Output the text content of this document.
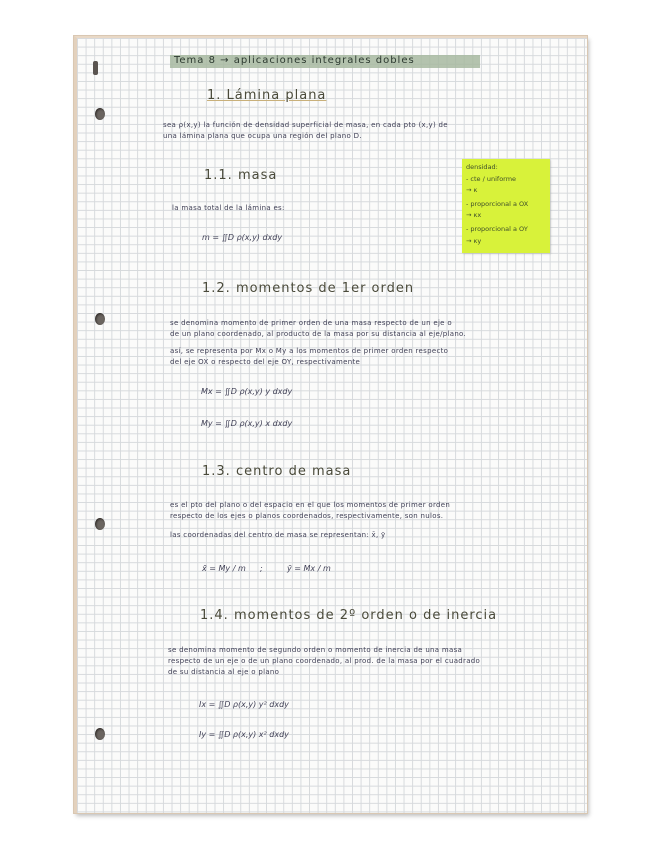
Tema 8 → aplicaciones integrales dobles
1. Lámina plana
sea ρ(x,y) la función de densidad superficial de masa, en cada pto (x,y) de
una lámina plana que ocupa una región del plano D.
1.1. masa
la masa total de la lámina es:
m = ∬D ρ(x,y) dxdy
densidad:
- cte / uniforme
→ κ
- proporcional a OX
→ κx
- proporcional a OY
→ κy
1.2. momentos de 1er orden
se denomina momento de primer orden de una masa respecto de un eje o
de un plano coordenado, al producto de la masa por su distancia al eje/plano.
así, se representa por Mx o My a los momentos de primer orden respecto
del eje OX o respecto del eje OY, respectivamente
Mx = ∬D ρ(x,y) y dxdy
My = ∬D ρ(x,y) x dxdy
1.3. centro de masa
es el pto del plano o del espacio en el que los momentos de primer orden
respecto de los ejes o planos coordenados, respectivamente, son nulos.
las coordenadas del centro de masa se representan: x̄, ȳ
x̄ = My / m ;	ȳ = Mx / m
1.4. momentos de 2º orden o de inercia
se denomina momento de segundo orden o momento de inercia de una masa
respecto de un eje o de un plano coordenado, al prod. de la masa por el cuadrado
de su distancia al eje o plano
Ix = ∬D ρ(x,y) y² dxdy
Iy = ∬D ρ(x,y) x² dxdy
